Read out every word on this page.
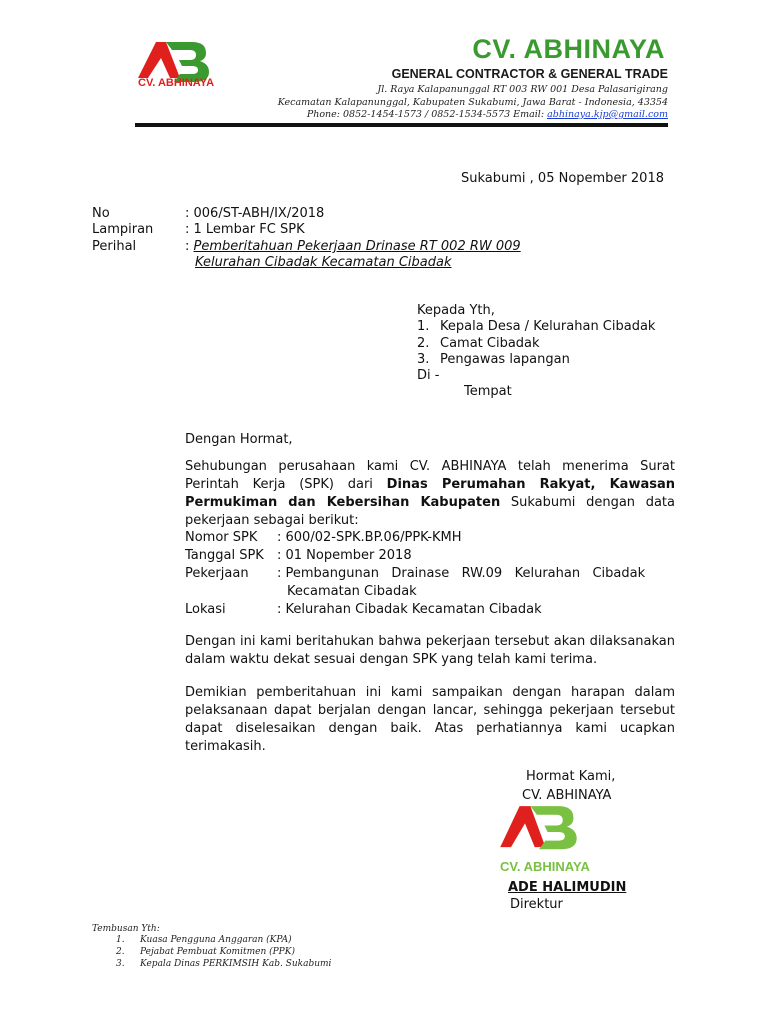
CV. ABHINAYA
CV. ABHINAYA
GENERAL CONTRACTOR & GENERAL TRADE
Jl. Raya Kalapanunggal RT 003 RW 001 Desa Palasarigirang
Kecamatan Kalapanunggal, Kabupaten Sukabumi, Jawa Barat - Indonesia, 43354
Phone: 0852-1454-1573 / 0852-1534-5573 Email: abhinaya.kjp@gmail.com
Sukabumi , 05 Nopember 2018
No	: 006/ST-ABH/IX/2018
Lampiran : 1 Lembar FC SPK
Perihal	: Pemberitahuan Pekerjaan Drinase RT 002 RW 009
Kelurahan Cibadak Kecamatan Cibadak
Kepada Yth,
1. Kepala Desa / Kelurahan Cibadak
2. Camat Cibadak
3. Pengawas lapangan
Di -
Tempat
Dengan Hormat,
Sehubungan perusahaan kami CV. ABHINAYA telah menerima Surat Perintah Kerja (SPK) dari Dinas Perumahan Rakyat, Kawasan Permukiman dan Kebersihan Kabupaten Sukabumi dengan data pekerjaan sebagai berikut:
Nomor SPK : 600/02-SPK.BP.06/PPK-KMH
Tanggal SPK : 01 Nopember 2018
Pekerjaan : Pembangunan   Drainase   RW.09   Kelurahan   Cibadak
Kecamatan Cibadak
Lokasi	: Kelurahan Cibadak Kecamatan Cibadak
Dengan ini kami beritahukan bahwa pekerjaan tersebut akan dilaksanakan dalam waktu dekat sesuai dengan SPK yang telah kami terima.
Demikian pemberitahuan ini kami sampaikan dengan harapan dalam pelaksanaan dapat berjalan dengan lancar, sehingga pekerjaan tersebut dapat diselesaikan dengan baik. Atas perhatiannya kami ucapkan terimakasih.
Hormat Kami,
CV. ABHINAYA
CV. ABHINAYA
ADE HALIMUDIN
Direktur
Tembusan Yth:
1. Kuasa Pengguna Anggaran (KPA)
2. Pejabat Pembuat Komitmen (PPK)
3. Kepala Dinas PERKIMSIH Kab. Sukabumi
